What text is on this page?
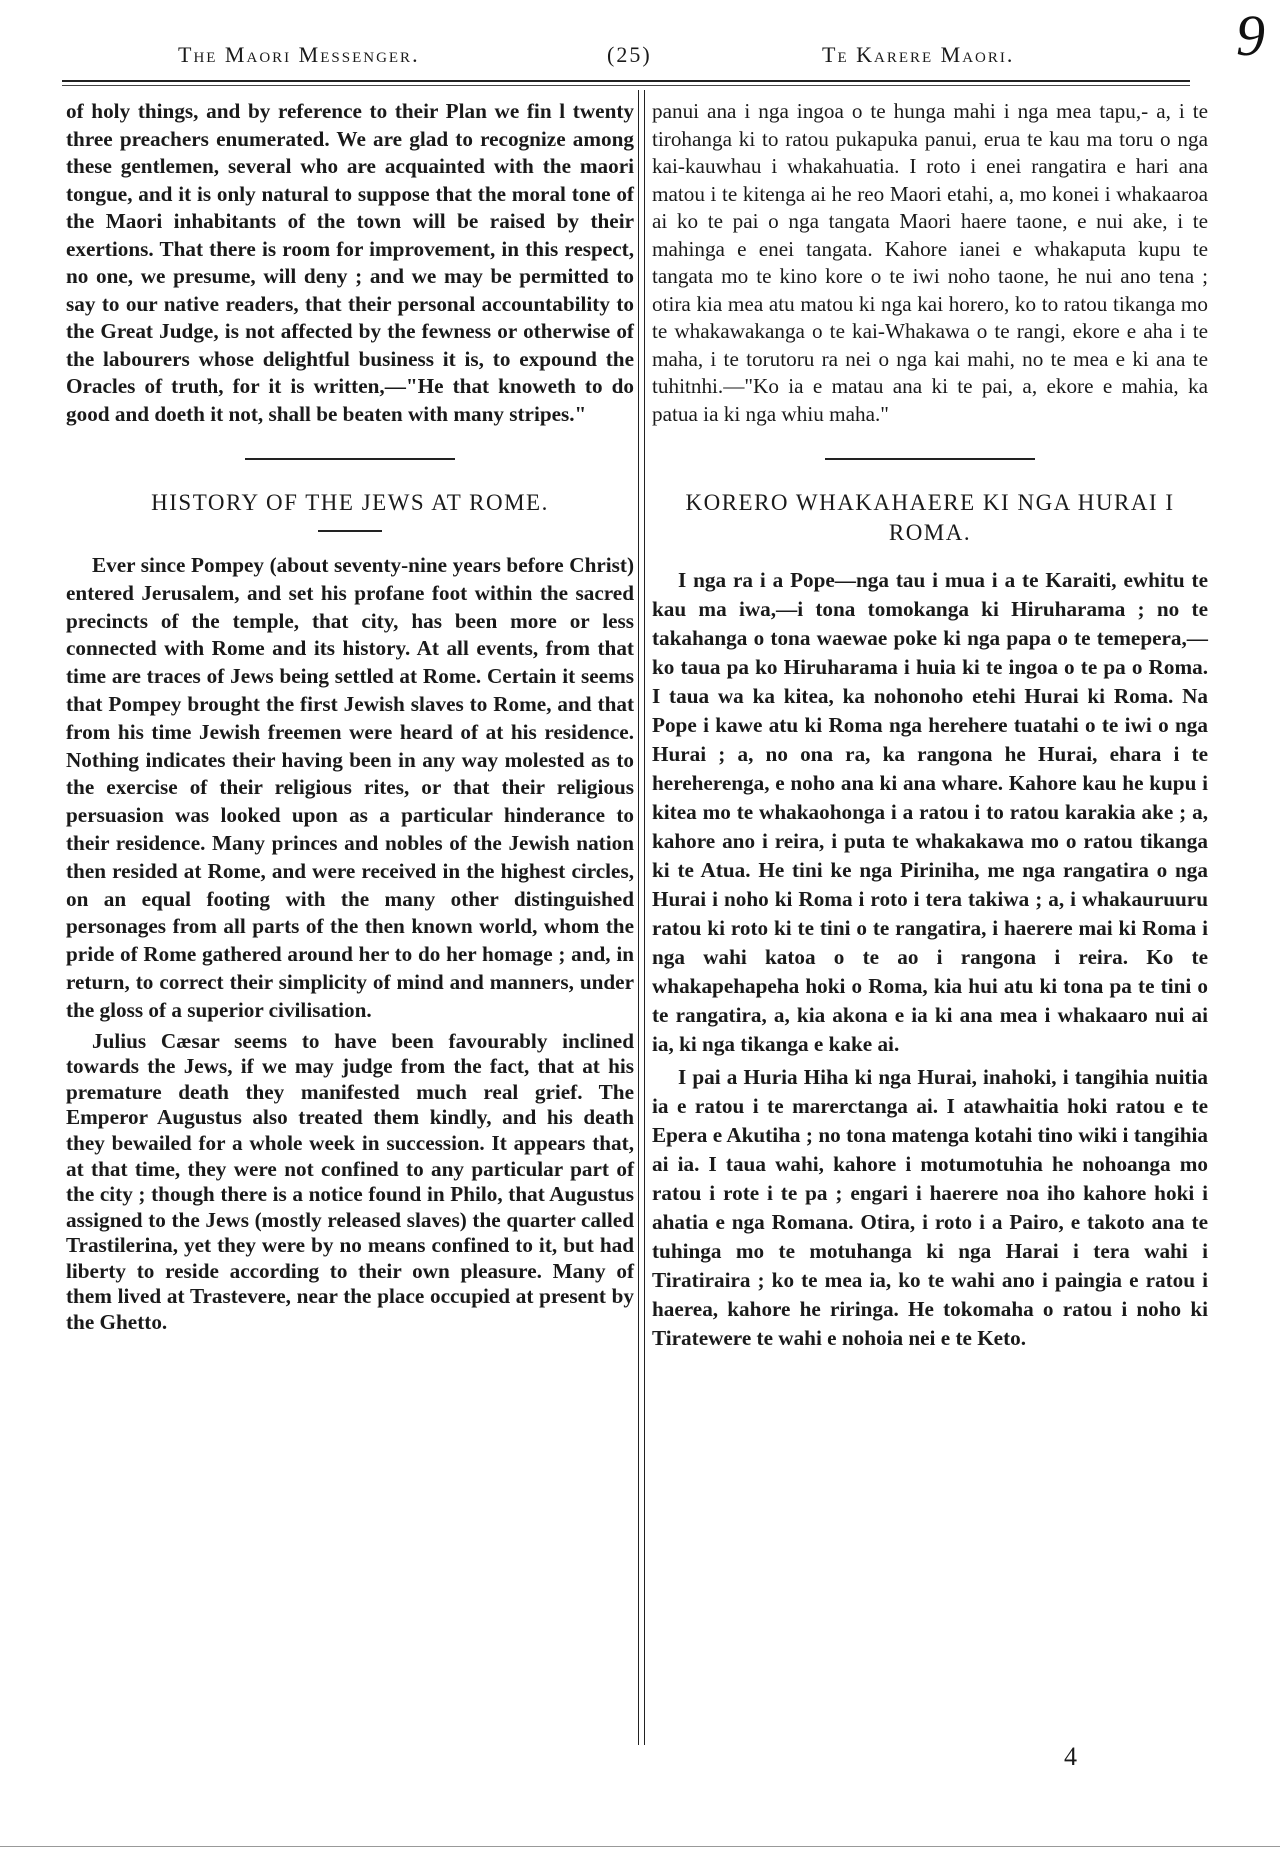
9
The Maori Messenger.	(25)	Te Karere Maori.

of holy things, and by reference to their Plan we fin l twenty three preachers enumerated. We are glad to recognize among these gentlemen, several who are acquainted with the maori tongue, and it is only natural to suppose that the moral tone of the Maori inhabitants of the town will be raised by their exertions. That there is room for improvement, in this respect, no one, we presume, will deny ; and we may be permitted to say to our native readers, that their personal accountability to the Great Judge, is not affected by the fewness or otherwise of the labourers whose delightful business it is, to expound the Oracles of truth, for it is written,—"He that knoweth to do good and doeth it not, shall be beaten with many stripes."

HISTORY OF THE JEWS AT ROME.

Ever since Pompey (about seventy-nine years before Christ) entered Jerusalem, and set his profane foot within the sacred precincts of the temple, that city, has been more or less connected with Rome and its history. At all events, from that time are traces of Jews being settled at Rome. Certain it seems that Pompey brought the first Jewish slaves to Rome, and that from his time Jewish freemen were heard of at his residence. Nothing indicates their having been in any way molested as to the exercise of their religious rites, or that their religious persuasion was looked upon as a particular hinderance to their residence. Many princes and nobles of the Jewish nation then resided at Rome, and were received in the highest circles, on an equal footing with the many other distinguished personages from all parts of the then known world, whom the pride of Rome gathered around her to do her homage ; and, in return, to correct their simplicity of mind and manners, under the gloss of a superior civilisation.

Julius Cæsar seems to have been favourably inclined towards the Jews, if we may judge from the fact, that at his premature death they manifested much real grief. The Emperor Augustus also treated them kindly, and his death they bewailed for a whole week in succession. It appears that, at that time, they were not confined to any particular part of the city ; though there is a notice found in Philo, that Augustus assigned to the Jews (mostly released slaves) the quarter called Trastilerina, yet they were by no means confined to it, but had liberty to reside according to their own pleasure. Many of them lived at Trastevere, near the place occupied at present by the Ghetto.

panui ana i nga ingoa o te hunga mahi i nga mea tapu,- a, i te tirohanga ki to ratou pukapuka panui, erua te kau ma toru o nga kai-kauwhau i whakahuatia. I roto i enei rangatira e hari ana matou i te kitenga ai he reo Maori etahi, a, mo konei i whakaaroa ai ko te pai o nga tangata Maori haere taone, e nui ake, i te mahinga e enei tangata. Kahore ianei e whakaputa kupu te tangata mo te kino kore o te iwi noho taone, he nui ano tena ; otira kia mea atu matou ki nga kai horero, ko to ratou tikanga mo te whakawakanga o te kai-Whakawa o te rangi, ekore e aha i te maha, i te torutoru ra nei o nga kai mahi, no te mea e ki ana te tuhitnhi.—"Ko ia e matau ana ki te pai, a, ekore e mahia, ka patua ia ki nga whiu maha."

KORERO WHAKAHAERE KI NGA HURAI I ROMA.

I nga ra i a Pope—nga tau i mua i a te Karaiti, ewhitu te kau ma iwa,—i tona tomokanga ki Hiruharama ; no te takahanga o tona waewae poke ki nga papa o te temepera,—ko taua pa ko Hiruharama i huia ki te ingoa o te pa o Roma. I taua wa ka kitea, ka nohonoho etehi Hurai ki Roma. Na Pope i kawe atu ki Roma nga herehere tuatahi o te iwi o nga Hurai ; a, no ona ra, ka rangona he Hurai, ehara i te hereherenga, e noho ana ki ana whare. Kahore kau he kupu i kitea mo te whakaohonga i a ratou i to ratou karakia ake ; a, kahore ano i reira, i puta te whakakawa mo o ratou tikanga ki te Atua. He tini ke nga Piriniha, me nga rangatira o nga Hurai i noho ki Roma i roto i tera takiwa ; a, i whakauruuru ratou ki roto ki te tini o te rangatira, i haerere mai ki Roma i nga wahi katoa o te ao i rangona i reira. Ko te whakapehapeha hoki o Roma, kia hui atu ki tona pa te tini o te rangatira, a, kia akona e ia ki ana mea i whakaaro nui ai ia, ki nga tikanga e kake ai.

I pai a Huria Hiha ki nga Hurai, inahoki, i tangihia nuitia ia e ratou i te marerctanga ai. I atawhaitia hoki ratou e te Epera e Akutiha ; no tona matenga kotahi tino wiki i tangihia ai ia. I taua wahi, kahore i motumotuhia he nohoanga mo ratou i rote i te pa ; engari i haerere noa iho kahore hoki i ahatia e nga Romana. Otira, i roto i a Pairo, e takoto ana te tuhinga mo te motuhanga ki nga Harai i tera wahi i Tiratiraira ; ko te mea ia, ko te wahi ano i paingia e ratou i haerea, kahore he riringa. He tokomaha o ratou i noho ki Tiratewere te wahi e nohoia nei e te Keto.

4
